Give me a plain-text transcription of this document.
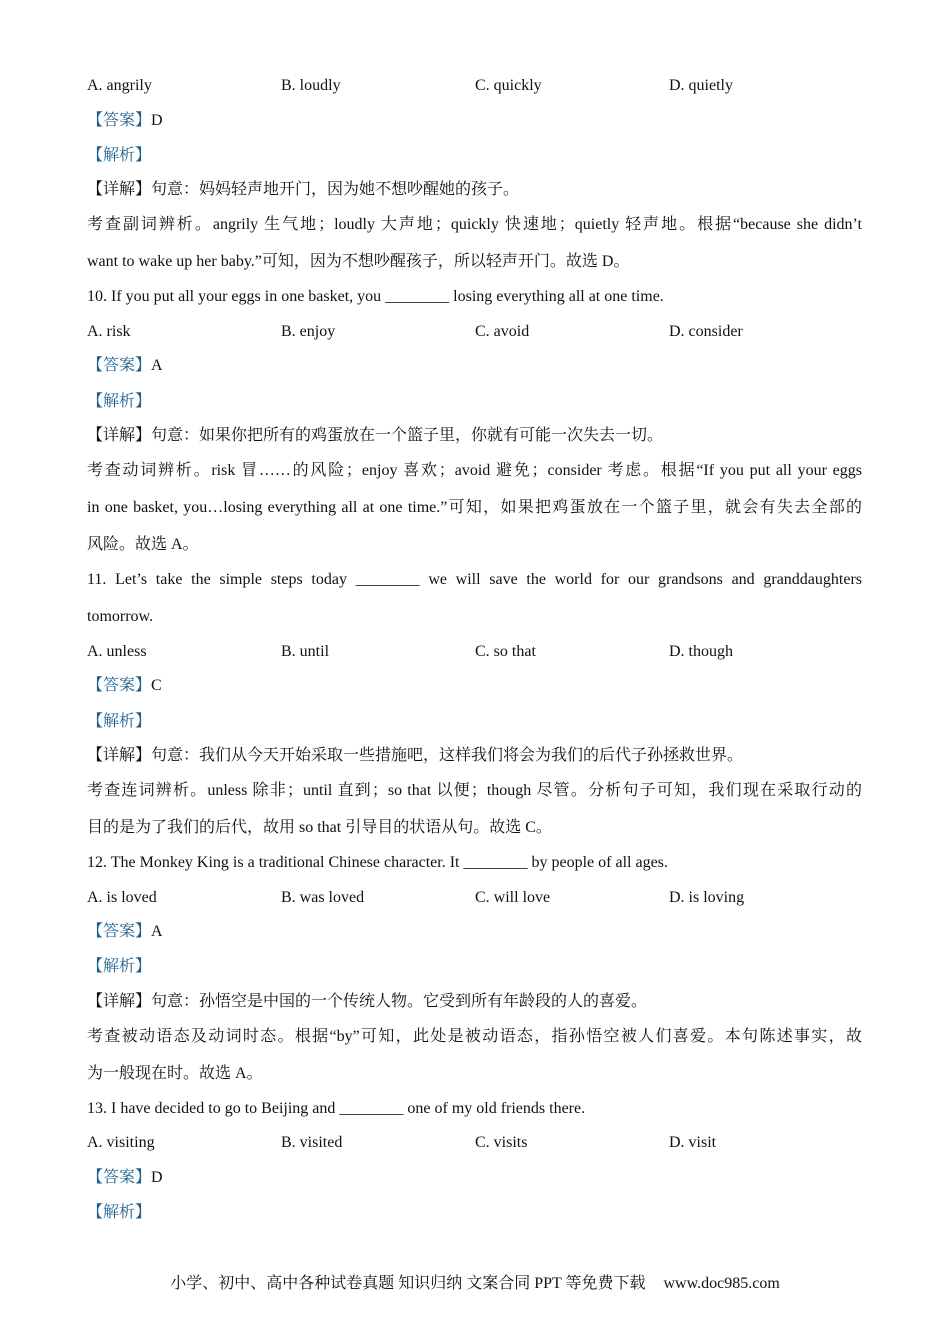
A. angrily	B. loudly	C. quickly	D. quietly
【答案】D
【解析】
【详解】句意：妈妈轻声地开门，因为她不想吵醒她的孩子。
考查副词辨析。angrily 生气地；loudly 大声地；quickly 快速地；quietly 轻声地。根据“because she didn’t
want to wake up her baby.”可知，因为不想吵醒孩子，所以轻声开门。故选 D。
10. If you put all your eggs in one basket, you ________ losing everything all at one time.
A. risk	B. enjoy	C. avoid	D. consider
【答案】A
【解析】
【详解】句意：如果你把所有的鸡蛋放在一个篮子里，你就有可能一次失去一切。
考查动词辨析。risk 冒……的风险；enjoy 喜欢；avoid 避免；consider 考虑。根据“If you put all your eggs
in one basket, you…losing everything all at one time.”可知，如果把鸡蛋放在一个篮子里，就会有失去全部的
风险。故选 A。
11. Let’s take the simple steps today ________ we will save the world for our grandsons and granddaughters
tomorrow.
A. unless	B. until	C. so that	D. though
【答案】C
【解析】
【详解】句意：我们从今天开始采取一些措施吧，这样我们将会为我们的后代子孙拯救世界。
考查连词辨析。unless 除非；until 直到；so that 以便；though 尽管。分析句子可知，我们现在采取行动的
目的是为了我们的后代，故用 so that 引导目的状语从句。故选 C。
12. The Monkey King is a traditional Chinese character. It ________ by people of all ages.
A. is loved	B. was loved	C. will love	D. is loving
【答案】A
【解析】
【详解】句意：孙悟空是中国的一个传统人物。它受到所有年龄段的人的喜爱。
考查被动语态及动词时态。根据“by”可知，此处是被动语态，指孙悟空被人们喜爱。本句陈述事实，故
为一般现在时。故选 A。
13. I have decided to go to Beijing and ________ one of my old friends there.
A. visiting	B. visited	C. visits	D. visit
【答案】D
【解析】
小学、初中、高中各种试卷真题 知识归纳 文案合同 PPT 等免费下载 www.doc985.com
